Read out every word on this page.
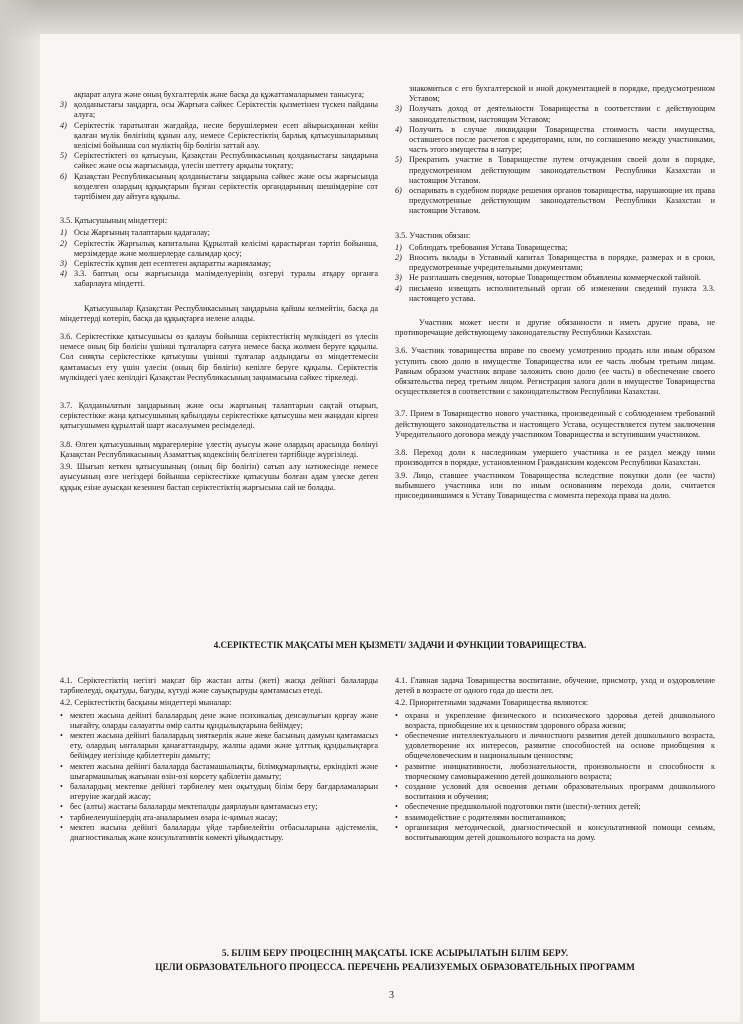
ақпарат алуға және оның бухгалтерлік және басқа да құжаттамаларымен танысуға;
3) қолданыстағы заңдарға, осы Жарғыға сәйкес Серіктестік қызметінен түскен пайданы алуға;
4) Серіктестік таратылған жағдайда, несие берушілермен есеп айырысқаннан кейін қалған мүлік бөлігінің құнын алу, немесе Серіктестіктің барлық қатысушыларының келісімі бойынша сол мүліктің бір бөлігін заттай алу.
5) Серіктестіктегі өз қатысуын, Қазақстан Республикасының қолданыстағы заңдарына сәйкес және осы жарғысында, үлесін шеттету арқылы тоқтату;
6) Қазақстан Республикасының қолданыстағы заңдарына сәйкес және осы жарғысында көзделген олардың құқықтарын бұзған серіктестік органдарының шешімдеріне сот тәртібімен дау айтуға құқылы.
3.5. Қатысушының міндеттері:
1) Осы Жарғының талаптарын қадағалау;
2) Серіктестік Жарғылық капиталына Құрылтай келісімі қарастырған тәртіп бойынша, мерзімдерде және мөлшерлерде салымдар қосу;
3) Серіктестік құпия деп есептеген ақпаратты жарияламау;
4) 3.3. баптың осы жарғысында мәлімделуерінің өзгеруі туралы атқару органға хабарлауға міндетті.
Қатысушылар Қазақстан Республикасының заңдарына қайшы келмейтін, басқа да міндеттерді көтеріп, басқа да құқықтарға иелене алады.
3.6. Серіктестікке қатысушысы өз қалауы бойынша серіктестіктің мүлкіндегі өз үлесін немесе оның бір бөлігін үшінші тұлғаларға сатуға немесе басқа жолмен беруге құқылы. Сол сияқты серіктестікке қатысушы үшінші тұлғалар алдындағы өз міндеттемесін қамтамасыз ету үшін үлесін (оның бір бөлігін) кепілге беруге құқылы. Серіктестік мүлкіндегі үлес кепілдігі Қазақстан Республикасының заңнамасына сәйкес тіркеледі.
3.7. Қолданылатын заңдарының және осы жарғының талаптарын сақтай отырып, серіктестікке жаңа қатысушының қабылдауы серіктестікке қатысушы мен жаңадан кірген қатысушымен құрылтай шарт жасалуымен ресімделеді.
3.8. Өлген қатысушының мұрагерлеріне үлестің ауысуы және олардың арасында бөлінуі Қазақстан Республикасының Азаматтық кодексінің белгілеген тәртібінде жүргізіледі.
3.9. Шығып кеткен қатысушының (оның бір бөлігін) сатып алу нәтижесінде немесе ауысуының өзге негіздері бойынша серіктестікке қатысушы болған адам үлеске деген құқық езіне ауысқан кезеннен бастап серіктестіктің жарғысына сай не болады.
знакомиться с его бухгалтерской и иной документацией в порядке, предусмотренном Уставом;
3) Получать доход от деятельности Товарищества в соответствии с действующим законодательством, настоящим Уставом;
4) Получить в случае ликвидации Товарищества стоимость части имущества, оставшегося после расчетов с кредиторами, или, по соглашению между участниками, часть этого имущества в натуре;
5) Прекратить участие в Товариществе путем отчуждения своей доли в порядке, предусмотренном действующим законодательством Республики Казахстан и настоящим Уставом.
6) оспаривать в судебном порядке решения органов товарищества, нарушающие их права предусмотренные действующим законодательством Республики Казахстан и настоящим Уставом.
3.5. Участник обязан:
1) Соблюдать требования Устава Товарищества;
2) Вносить вклады в Уставный капитал Товарищества в порядке, размерах и в сроки, предусмотренные учредительными документами;
3) Не разглашать сведения, которые Товариществом объявлены коммерческой тайной.
4) письмено извещать исполнительный орган об изменении сведений пункта 3.3. настоящего устава.
Участник может нести и другие обязанности и иметь другие права, не противоречащие действующему законодательству Республики Казахстан.
3.6. Участник товарищества вправе по своему усмотрению продать или иным образом уступить свою долю в имуществе Товарищества или ее часть любым третьим лицам. Равным образом участник вправе заложить свою долю (ее часть) в обеспечение своего обязательства перед третьим лицом. Регистрация залога доли в имуществе Товарищества осуществляется в соответствии с законодательством Республики Казахстан.
3.7. Прием в Товарищество нового участника, произведенный с соблюдением требований действующего законодательства и настоящего Устава, осуществляется путем заключения Учредительного договора между участником Товарищества и вступившим участником.
3.8. Переход доли к наследникам умершего участника и ее раздел между ними производится в порядке, установленном Гражданским кодексом Республики Казахстан.
3.9. Лицо, ставшее участником Товарищества вследствие покупки доли (ее части) выбывшего участника или по иным основаниям перехода доли, считается присоединившимся к Уставу Товарищества с момента перехода права на долю.
4.СЕРІКТЕСТІК МАҚСАТЫ МЕН ҚЫЗМЕТІ/ ЗАДАЧИ И ФУНКЦИИ ТОВАРИЩЕСТВА.
4.1. Серіктестіктің негізгі мақсат бір жастан алты (жеті) жасқа дейінгі балаларды тәрбиелеуді, оқытуды, бағуды, күтуді және сауықтыруды қамтамасыз етеді.
4.2. Серіктестіктің басқыны міндеттері мыналар:
• мектеп жасына дейінгі балалардың дене және психикалық денсаулығын қорғау және нығайту, оларды салауатты өмір салты құндылықтарына бейімдеу;
• мектеп жасына дейінгі балалардың зияткерлік және жеке басының дамуын қамтамасыз ету, олардың ынталарын қанағаттандыру, жалпы адами және ұлттық құндылықтарға бейімдеу негізінде қабілеттерін дамыту;
• мектеп жасына дейінгі балаларда бастамашылықты, білімқұмарлықты, еркіндікті және шығармашылық жағынан өзін-өзі көрсету қабілетін дамыту;
• балалардың мектепке дейінгі тәрбиелеу мен оқытудың білім беру бағдарламаларын игеруіне жағдай жасау;
• бес (алты) жастағы балаларды мектепалды даярлауын қамтамасыз ету;
• тәрбиеленушілердің ата-аналарымен өзара іс-қимыл жасау;
• мектеп жасына дейінгі балаларды үйде тәрбиелейтін отбасыларына әдістемелік, диагностикалық және консультативтік көмекті ұйымдастыру.
4.1. Главная задача Товарищества воспитание, обучение, присмотр, уход и оздоровление детей в возрасте от одного года до шести лет.
4.2. Приоритетными задачами Товарищества являются:
• охрана и укрепление физического и психического здоровья детей дошкольного возраста, приобщение их к ценностям здорового образа жизни;
• обеспечение интеллектуального и личностного развития детей дошкольного возраста, удовлетворение их интересов, развитие способностей на основе приобщения к общечеловеческим и национальным ценностям;
• развитие инициативности, любознательности, произвольности и способности к творческому самовыражению детей дошкольного возраста;
• создание условий для освоения детьми образовательных программ дошкольного воспитания и обучения;
• обеспечение предшкольной подготовки пяти (шести)-летних детей;
• взаимодействие с родителями воспитанников;
• организация методической, диагностической и консультативной помощи семьям, воспитывающим детей дошкольного возраста на дому.
5. БІЛІМ БЕРУ ПРОЦЕСІНІҢ МАҚСАТЫ. ІСКЕ АСЫРЫЛАТЫН БІЛІМ БЕРУ.
ЦЕЛИ ОБРАЗОВАТЕЛЬНОГО ПРОЦЕССА. ПЕРЕЧЕНЬ РЕАЛИЗУЕМЫХ ОБРАЗОВАТЕЛЬНЫХ ПРОГРАММ
3
